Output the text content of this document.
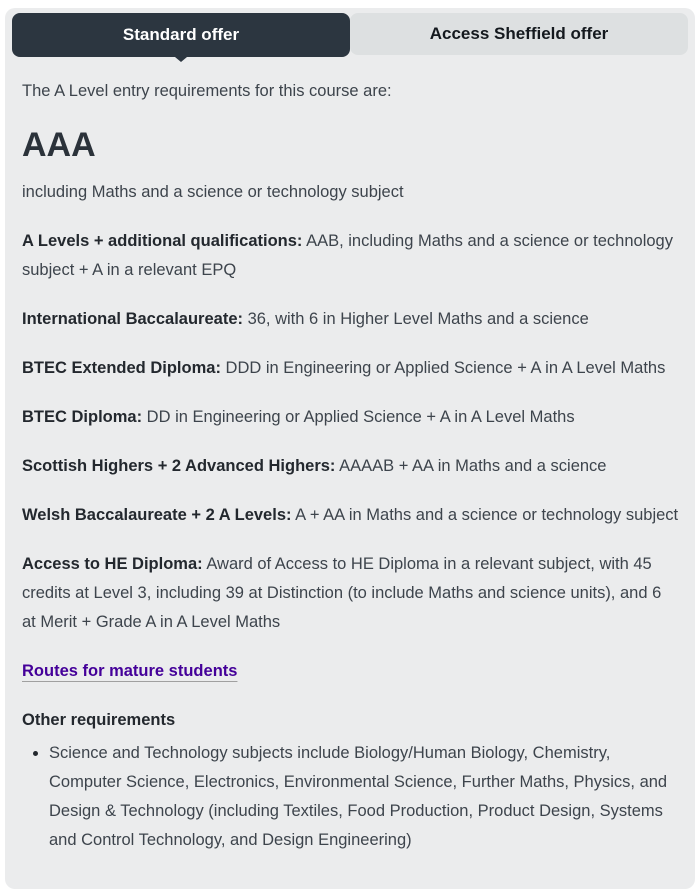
Standard offer	Access Sheffield offer

The A Level entry requirements for this course are:

AAA

including Maths and a science or technology subject

A Levels + additional qualifications: AAB, including Maths and a science or technology subject + A in a relevant EPQ

International Baccalaureate: 36, with 6 in Higher Level Maths and a science

BTEC Extended Diploma: DDD in Engineering or Applied Science + A in A Level Maths

BTEC Diploma: DD in Engineering or Applied Science + A in A Level Maths

Scottish Highers + 2 Advanced Highers: AAAAB + AA in Maths and a science

Welsh Baccalaureate + 2 A Levels: A + AA in Maths and a science or technology subject

Access to HE Diploma: Award of Access to HE Diploma in a relevant subject, with 45 credits at Level 3, including 39 at Distinction (to include Maths and science units), and 6 at Merit + Grade A in A Level Maths

Routes for mature students

Other requirements
• Science and Technology subjects include Biology/Human Biology, Chemistry, Computer Science, Electronics, Environmental Science, Further Maths, Physics, and Design & Technology (including Textiles, Food Production, Product Design, Systems and Control Technology, and Design Engineering)
